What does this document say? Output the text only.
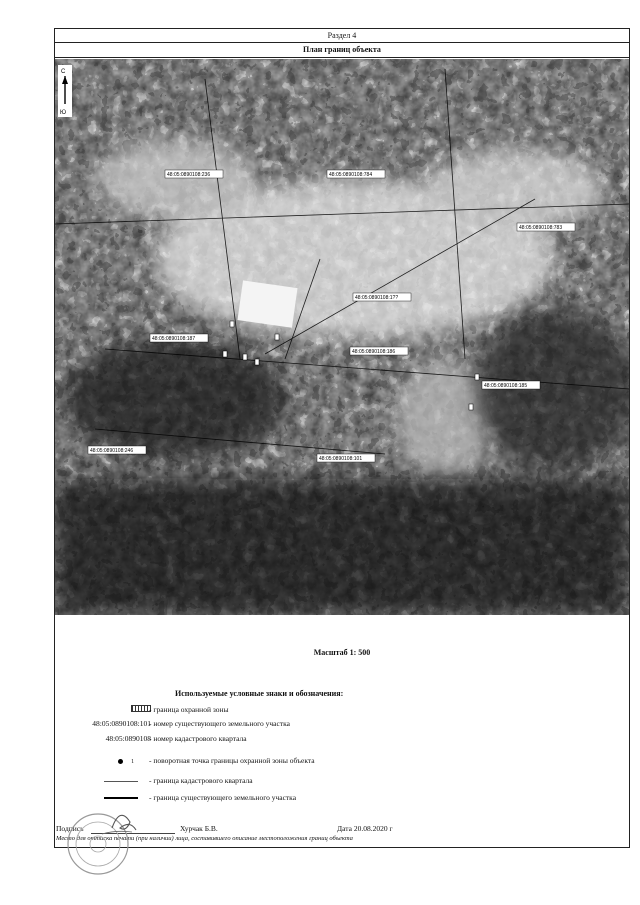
Раздел 4
План границ объекта
48:05:0890108:236	48:05:0890108:784
48:05:0890108:783
48:05:0890108:1??
48:05:0890108:187
48:05:0890108:186
48:05:0890108:185
48:05:0890108:246
48:05:0890108:101
С
Ю
Масштаб 1: 500
Используемые условные знаки и обозначения:
- граница охранной зоны
48:05:0890108:101
- номер существующего земельного участка
48:05:0890108
- номер кадастрового квартала
1	- поворотная точка границы охранной зоны объекта

- граница кадастрового квартала

- граница существующего земельного участка
Подпись	Хурчак Б.В.	Дата 20.08.2020 г
Место для оттиска печати (при наличии) лица, составившего описание местоположения границ объекта
